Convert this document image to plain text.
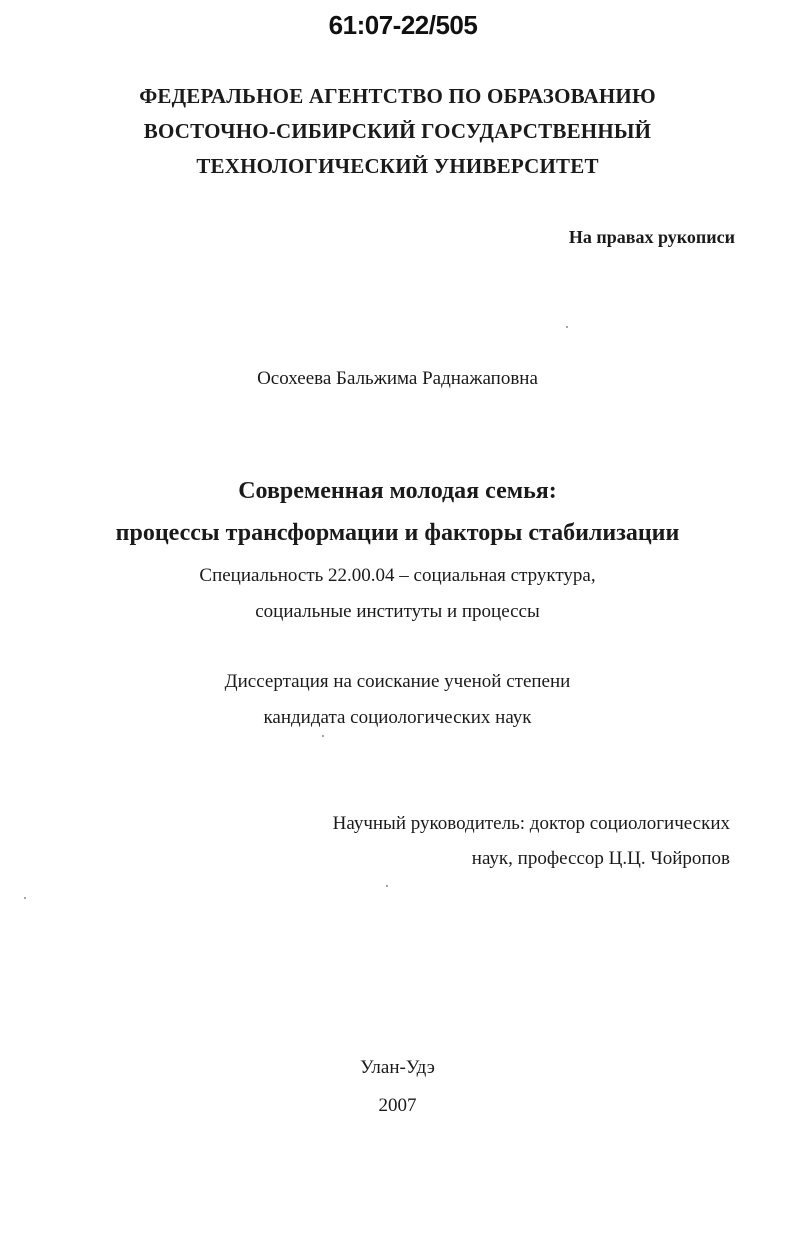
61:07-22/505
ФЕДЕРАЛЬНОЕ АГЕНТСТВО ПО ОБРАЗОВАНИЮ
ВОСТОЧНО-СИБИРСКИЙ ГОСУДАРСТВЕННЫЙ
ТЕХНОЛОГИЧЕСКИЙ УНИВЕРСИТЕТ
На правах рукописи
Осохеева Бальжима Раднажаповна
Современная молодая семья:
процессы трансформации и факторы стабилизации
Специальность 22.00.04 – социальная структура,
социальные институты и процессы
Диссертация на соискание ученой степени
кандидата социологических наук
Научный руководитель: доктор социологических
наук, профессор Ц.Ц. Чойропов
Улан-Удэ
2007
